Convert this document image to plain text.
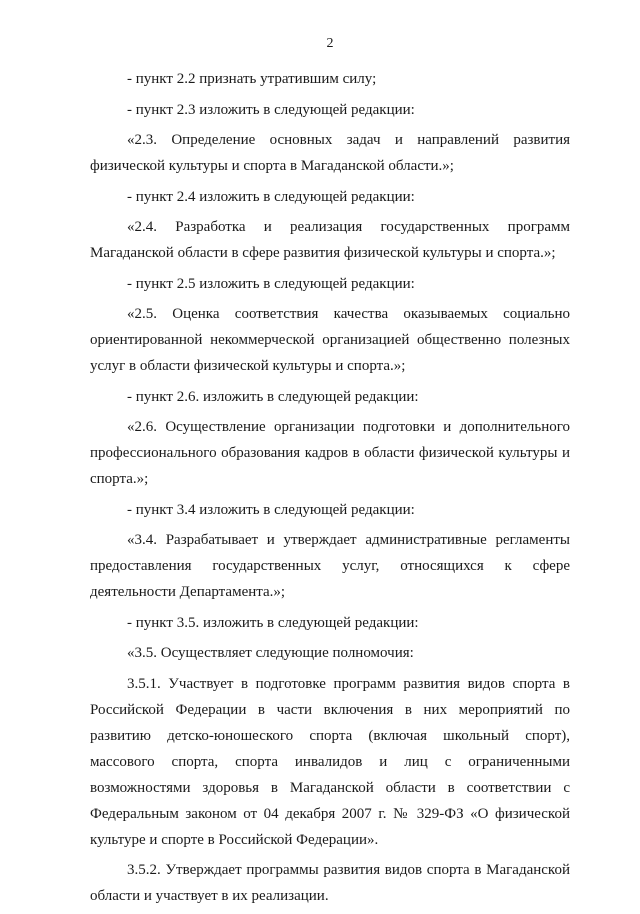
2

- пункт 2.2 признать утратившим силу;

- пункт 2.3 изложить в следующей редакции:

«2.3. Определение основных задач и направлений развития физической культуры и спорта в Магаданской области.»;

- пункт 2.4 изложить в следующей редакции:

«2.4. Разработка и реализация государственных программ Магаданской области в сфере развития физической культуры и спорта.»;

- пункт 2.5 изложить в следующей редакции:

«2.5. Оценка соответствия качества оказываемых социально ориентированной некоммерческой организацией общественно полезных услуг в области физической культуры и спорта.»;

- пункт 2.6. изложить в следующей редакции:

«2.6. Осуществление организации подготовки и дополнительного профессионального образования кадров в области физической культуры и спорта.»;

- пункт 3.4 изложить в следующей редакции:

«3.4. Разрабатывает и утверждает административные регламенты предоставления государственных услуг, относящихся к сфере деятельности Департамента.»;

- пункт 3.5. изложить в следующей редакции:

«3.5. Осуществляет следующие полномочия:

3.5.1. Участвует в подготовке программ развития видов спорта в Российской Федерации в части включения в них мероприятий по развитию детско-юношеского спорта (включая школьный спорт), массового спорта, спорта инвалидов и лиц с ограниченными возможностями здоровья в Магаданской области в соответствии с Федеральным законом от 04 декабря 2007 г. № 329-ФЗ «О физической культуре и спорте в Российской Федерации».

3.5.2. Утверждает программы развития видов спорта в Магаданской области и участвует в их реализации.
